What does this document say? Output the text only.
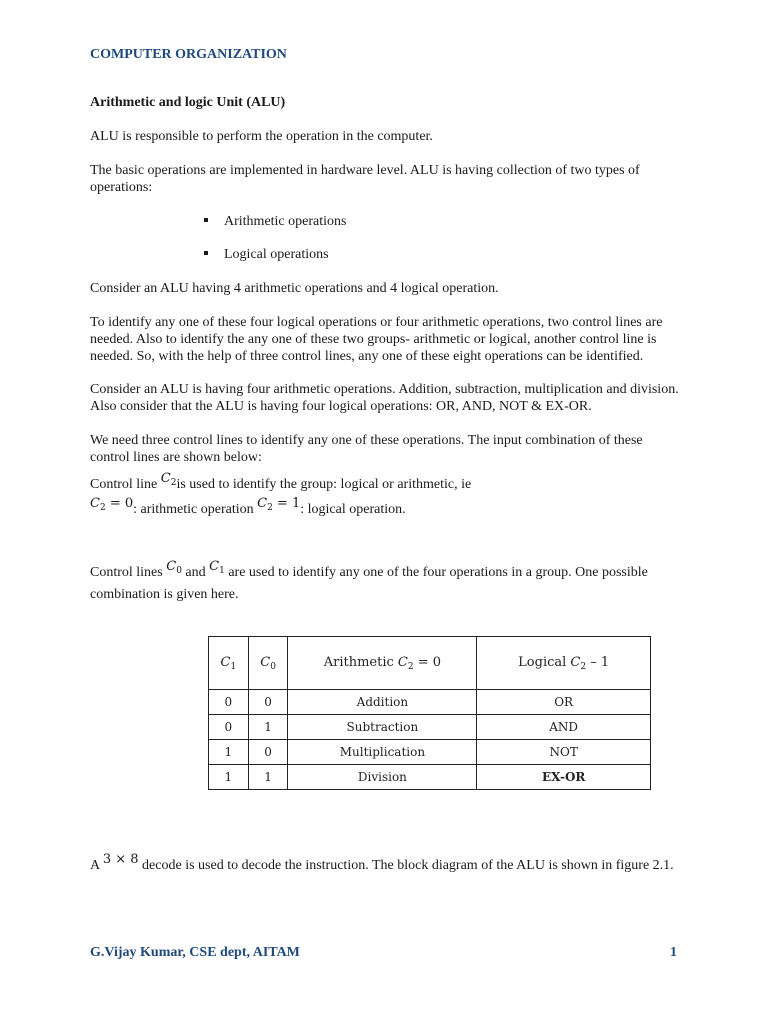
COMPUTER ORGANIZATION
Arithmetic and logic Unit (ALU)
ALU is responsible to perform the operation in the computer.
The basic operations are implemented in hardware level. ALU is having collection of two types of operations:
Arithmetic operations
Logical operations
Consider an ALU having 4 arithmetic operations and 4 logical operation.
To identify any one of these four logical operations or four arithmetic operations, two control lines are needed. Also to identify the any one of these two groups- arithmetic or logical, another control line is needed. So, with the help of three control lines, any one of these eight operations can be identified.
Consider an ALU is having four arithmetic operations. Addition, subtraction, multiplication and division. Also consider that the ALU is having four logical operations: OR, AND, NOT & EX-OR.
We need three control lines to identify any one of these operations. The input combination of these control lines are shown below:
Control line $C_2is$ used to identify the group: logical or arithmetic, ie
$C_2 = 0$: arithmetic operation $C_2 = 1$: logical operation.
Control lines $C_0$ and $C_1$ are used to identify any one of the four operations in a group. One possible combination is given here.
$C_1$	$C_0$	Arithmetic $C_2 = 0$	Logical $C_2 - 1$
0	0	Addition	OR
0	1	Subtraction	AND
1	0	Multiplication	NOT
1	1	Division	EX-OR
A 3 × 8 decode is used to decode the instruction. The block diagram of the ALU is shown in figure 2.1.
G.Vijay Kumar, CSE dept, AITAM	1
